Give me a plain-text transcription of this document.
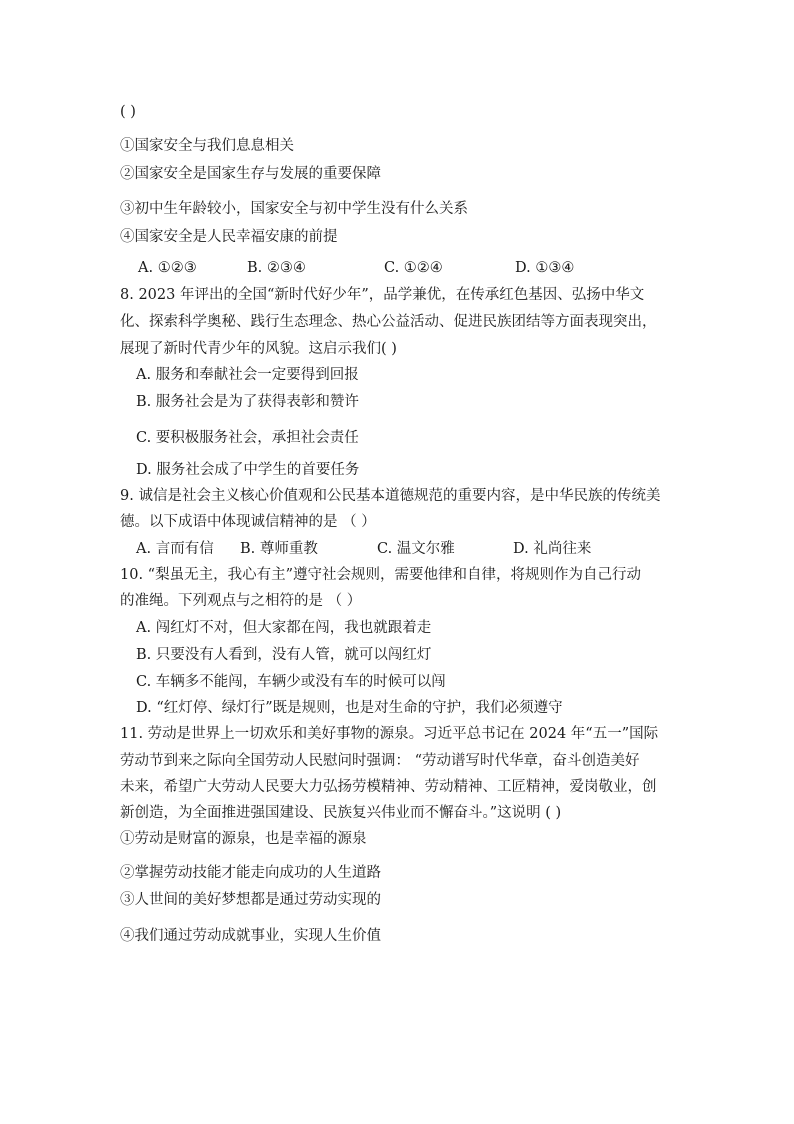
( )
①国家安全与我们息息相关
②国家安全是国家生存与发展的重要保障
③初中生年龄较小，国家安全与初中学生没有什么关系
④国家安全是人民幸福安康的前提
A. ①②③	B. ②③④	C. ①②④	D. ①③④
8. 2023 年评出的全国“新时代好少年”，品学兼优，在传承红色基因、弘扬中华文
化、探索科学奥秘、践行生态理念、热心公益活动、促进民族团结等方面表现突出，
展现了新时代青少年的风貌。这启示我们( )
A. 服务和奉献社会一定要得到回报
B. 服务社会是为了获得表彰和赞许
C. 要积极服务社会，承担社会责任
D. 服务社会成了中学生的首要任务
9. 诚信是社会主义核心价值观和公民基本道德规范的重要内容，是中华民族的传统美
德。以下成语中体现诚信精神的是 （ ）
A. 言而有信 B. 尊师重教	C. 温文尔雅	D. 礼尚往来
10. “梨虽无主，我心有主”遵守社会规则，需要他律和自律，将规则作为自己行动
的准绳。下列观点与之相符的是 （ ）
A. 闯红灯不对，但大家都在闯，我也就跟着走
B. 只要没有人看到，没有人管，就可以闯红灯
C. 车辆多不能闯，车辆少或没有车的时候可以闯
D. “红灯停、绿灯行”既是规则，也是对生命的守护，我们必须遵守
11. 劳动是世界上一切欢乐和美好事物的源泉。习近平总书记在 2024 年“五一”国际
劳动节到来之际向全国劳动人民慰问时强调： “劳动谱写时代华章，奋斗创造美好
未来，希望广大劳动人民要大力弘扬劳模精神、劳动精神、工匠精神，爱岗敬业，创
新创造，为全面推进强国建设、民族复兴伟业而不懈奋斗。”这说明 ( )
①劳动是财富的源泉，也是幸福的源泉
②掌握劳动技能才能走向成功的人生道路
③人世间的美好梦想都是通过劳动实现的
④我们通过劳动成就事业，实现人生价值
